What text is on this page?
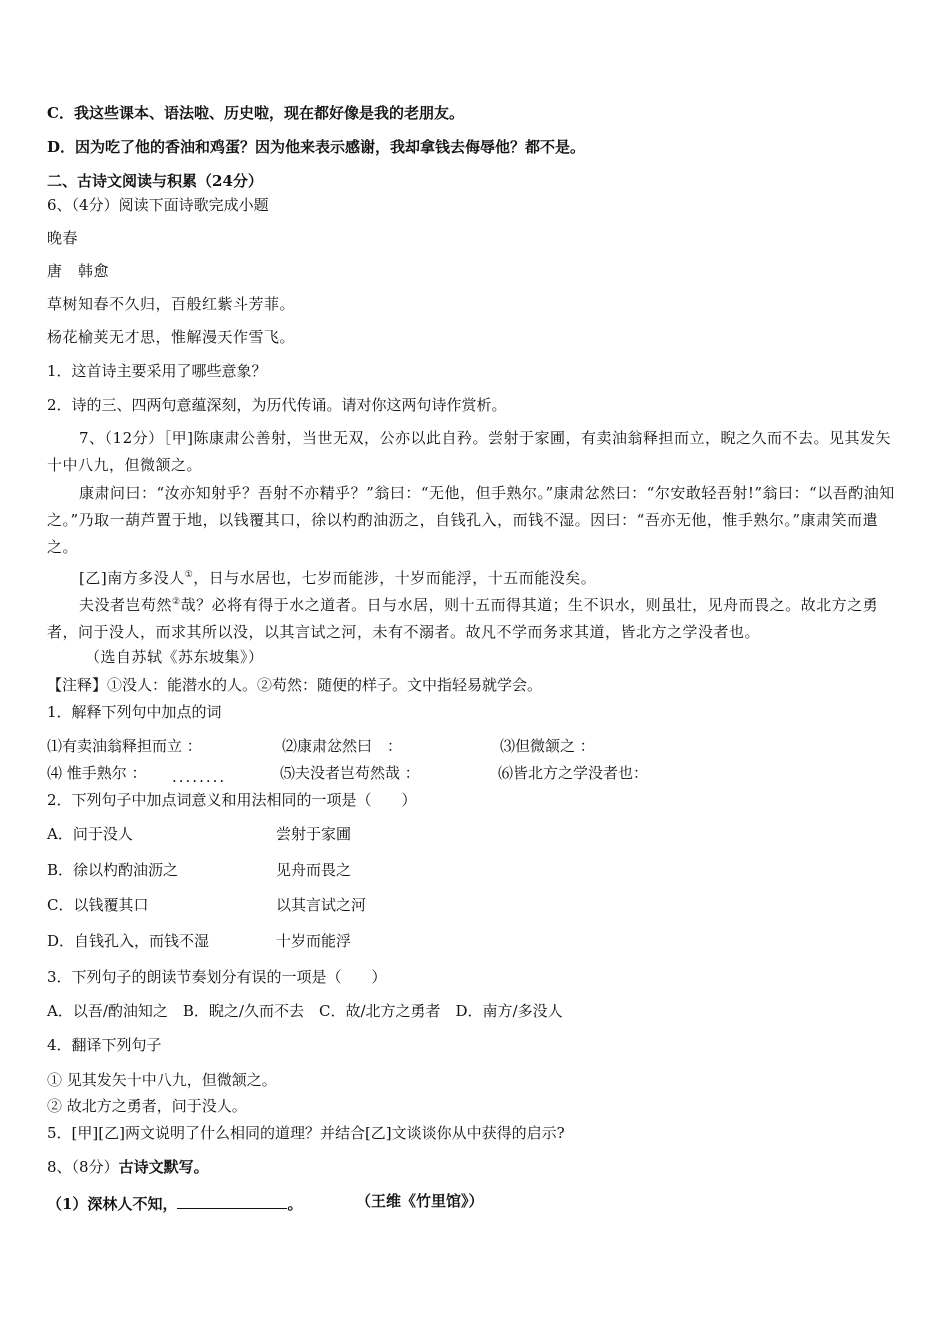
C．我这些课本、语法啦、历史啦，现在都好像是我的老朋友。
D．因为吃了他的香油和鸡蛋？因为他来表示感谢，我却拿钱去侮辱他？都不是。
二、古诗文阅读与积累（24分）
6、（4分）阅读下面诗歌完成小题
晚春
唐　韩愈
草树知春不久归，百般红紫斗芳菲。
杨花榆荚无才思，惟解漫天作雪飞。
1．这首诗主要采用了哪些意象？
2．诗的三、四两句意蕴深刻，为历代传诵。请对你这两句诗作赏析。
7、（12分）［甲]陈康肃公善射，当世无双，公亦以此自矜。尝射于家圃，有卖油翁释担而立，睨之久而不去。见其发矢十中八九，但微颔之。
康肃问曰：“汝亦知射乎？吾射不亦精乎？”翁曰：“无他，但手熟尔。”康肃忿然曰：“尔安敢轻吾射!”翁曰：“以吾酌油知之。”乃取一葫芦置于地，以钱覆其口，徐以杓酌油沥之，自钱孔入，而钱不湿。因曰：“吾亦无他，惟手熟尔。”康肃笑而遣之。
[乙]南方多没人①，日与水居也，七岁而能涉，十岁而能浮，十五而能没矣。
夫没者岂苟然②哉？必将有得于水之道者。日与水居，则十五而得其道；生不识水，则虽壮，见舟而畏之。故北方之勇者，问于没人，而求其所以没，以其言试之河，未有不溺者。故凡不学而务求其道，皆北方之学没者也。
（选自苏轼《苏东坡集》）
【注释】①没人：能潜水的人。②苟然：随便的样子。文中指轻易就学会。
1．解释下列句中加点的词
⑴有卖油翁释担而立 ：	⑵康肃忿然曰　：	⑶但微颔之 ：
⑷ 惟手熟尔 ： ........	⑸夫没者岂苟然哉 ：	⑹皆北方之学没者也：
2．下列句子中加点词意义和用法相同的一项是（　　）
A．问于没人	尝射于家圃
B．徐以杓酌油沥之	见舟而畏之
C．以钱覆其口	以其言试之河
D．自钱孔入，而钱不湿	十岁而能浮
3．下列句子的朗读节奏划分有误的一项是（　　）
A．以吾/酌油知之　B．睨之/久而不去　C．故/北方之勇者　D．南方/多没人
4．翻译下列句子
① 见其发矢十中八九，但微颔之。
② 故北方之勇者，问于没人。
5．[甲][乙]两文说明了什么相同的道理？并结合[乙]文谈谈你从中获得的启示?
8、（8分）古诗文默写。
（1）深林人不知，	。	（王维《竹里馆》）
